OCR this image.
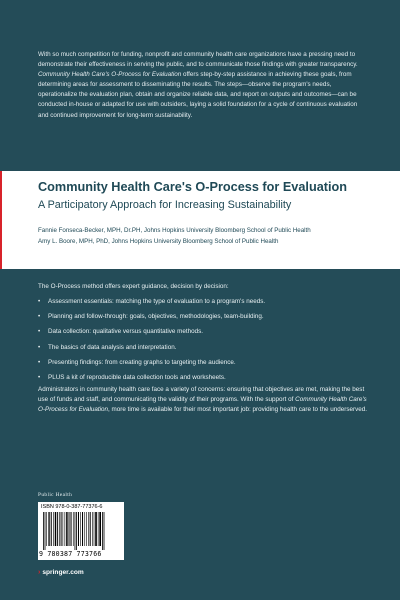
With so much competition for funding, nonprofit and community health care organizations have a pressing need to demonstrate their effectiveness in serving the public, and to communicate those findings with greater transparency. Community Health Care's O-Process for Evaluation offers step-by-step assistance in achieving these goals, from determining areas for assessment to disseminating the results. The steps—observe the program's needs, operationalize the evaluation plan, obtain and organize reliable data, and report on outputs and outcomes—can be conducted in-house or adapted for use with outsiders, laying a solid foundation for a cycle of continuous evaluation and continued improvement for long-term sustainability.
Community Health Care's O-Process for Evaluation
A Participatory Approach for Increasing Sustainability
Fannie Fonseca-Becker, MPH, Dr.PH, Johns Hopkins University Bloomberg School of Public Health
Amy L. Boore, MPH, PhD, Johns Hopkins University Bloomberg School of Public Health
The O-Process method offers expert guidance, decision by decision:
• Assessment essentials: matching the type of evaluation to a program's needs.
• Planning and follow-through: goals, objectives, methodologies, team-building.
• Data collection: qualitative versus quantitative methods.
• The basics of data analysis and interpretation.
• Presenting findings: from creating graphs to targeting the audience.
• PLUS a kit of reproducible data collection tools and worksheets.
Administrators in community health care face a variety of concerns: ensuring that objectives are met, making the best use of funds and staff, and communicating the validity of their programs. With the support of Community Health Care's O-Process for Evaluation, more time is available for their most important job: providing health care to the underserved.
Public Health
ISBN 978-0-387-77376-6
9 780387 773766
› springer.com
